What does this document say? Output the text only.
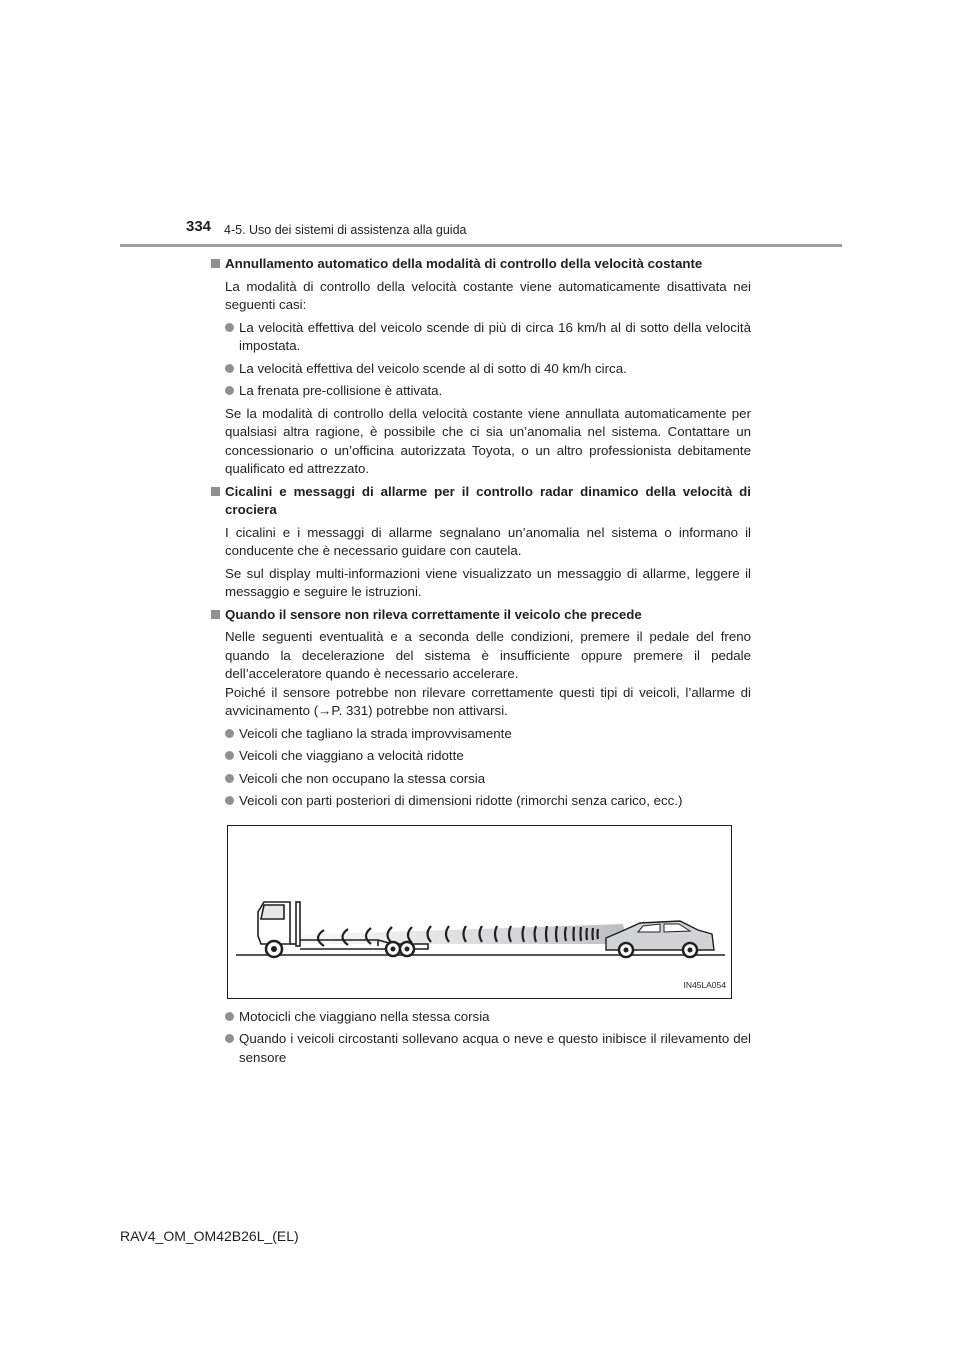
334 4-5. Uso dei sistemi di assistenza alla guida
Annullamento automatico della modalità di controllo della velocità costante
La modalità di controllo della velocità costante viene automaticamente disattivata nei seguenti casi:
La velocità effettiva del veicolo scende di più di circa 16 km/h al di sotto della velocità impostata.
La velocità effettiva del veicolo scende al di sotto di 40 km/h circa.
La frenata pre-collisione è attivata.
Se la modalità di controllo della velocità costante viene annullata automaticamente per qualsiasi altra ragione, è possibile che ci sia un’anomalia nel sistema. Contattare un concessionario o un’officina autorizzata Toyota, o un altro professionista debitamente qualificato ed attrezzato.
Cicalini e messaggi di allarme per il controllo radar dinamico della velocità di crociera
I cicalini e i messaggi di allarme segnalano un’anomalia nel sistema o informano il conducente che è necessario guidare con cautela.
Se sul display multi-informazioni viene visualizzato un messaggio di allarme, leggere il messaggio e seguire le istruzioni.
Quando il sensore non rileva correttamente il veicolo che precede
Nelle seguenti eventualità e a seconda delle condizioni, premere il pedale del freno quando la decelerazione del sistema è insufficiente oppure premere il pedale dell’acceleratore quando è necessario accelerare.
Poiché il sensore potrebbe non rilevare correttamente questi tipi di veicoli, l’allarme di avvicinamento (→P. 331) potrebbe non attivarsi.
Veicoli che tagliano la strada improvvisamente
Veicoli che viaggiano a velocità ridotte
Veicoli che non occupano la stessa corsia
Veicoli con parti posteriori di dimensioni ridotte (rimorchi senza carico, ecc.)
IN45LA054
Motocicli che viaggiano nella stessa corsia
Quando i veicoli circostanti sollevano acqua o neve e questo inibisce il rilevamento del sensore
RAV4_OM_OM42B26L_(EL)
